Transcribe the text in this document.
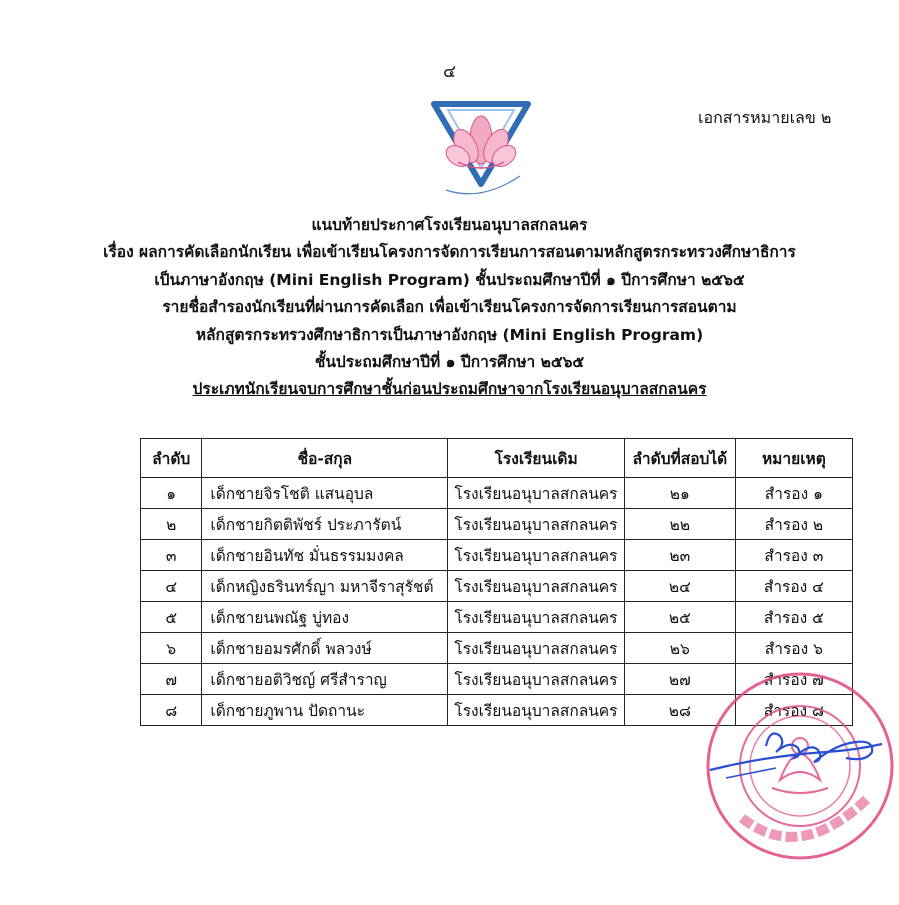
๔
เอกสารหมายเลข ๒
แนบท้ายประกาศโรงเรียนอนุบาลสกลนคร
เรื่อง ผลการคัดเลือกนักเรียน เพื่อเข้าเรียนโครงการจัดการเรียนการสอนตามหลักสูตรกระทรวงศึกษาธิการ
เป็นภาษาอังกฤษ (Mini English Program) ชั้นประถมศึกษาปีที่ ๑ ปีการศึกษา ๒๕๖๕
รายชื่อสำรองนักเรียนที่ผ่านการคัดเลือก เพื่อเข้าเรียนโครงการจัดการเรียนการสอนตาม
หลักสูตรกระทรวงศึกษาธิการเป็นภาษาอังกฤษ (Mini English Program)
ชั้นประถมศึกษาปีที่ ๑ ปีการศึกษา ๒๕๖๕
ประเภทนักเรียนจบการศึกษาชั้นก่อนประถมศึกษาจากโรงเรียนอนุบาลสกลนคร
ลำดับ	ชื่อ-สกุล	โรงเรียนเดิม	ลำดับที่สอบได้	หมายเหตุ
๑	เด็กชายจิรโชติ แสนอุบล	โรงเรียนอนุบาลสกลนคร	๒๑	สำรอง ๑
๒	เด็กชายกิตติพัชร์ ประภารัตน์	โรงเรียนอนุบาลสกลนคร	๒๒	สำรอง ๒
๓	เด็กชายอินทัช มั่นธรรมมงคล	โรงเรียนอนุบาลสกลนคร	๒๓	สำรอง ๓
๔	เด็กหญิงธรินทร์ญา มหาจีราสุรัชต์	โรงเรียนอนุบาลสกลนคร	๒๔	สำรอง ๔
๕	เด็กชายนพณัฐ บู่ทอง	โรงเรียนอนุบาลสกลนคร	๒๕	สำรอง ๕
๖	เด็กชายอมรศักดิ์ พลวงษ์	โรงเรียนอนุบาลสกลนคร	๒๖	สำรอง ๖
๗	เด็กชายอติวิชญ์ ศรีสำราญ	โรงเรียนอนุบาลสกลนคร	๒๗	สำรอง ๗
๘	เด็กชายภูพาน ปัดถานะ	โรงเรียนอนุบาลสกลนคร	๒๘	สำรอง ๘
